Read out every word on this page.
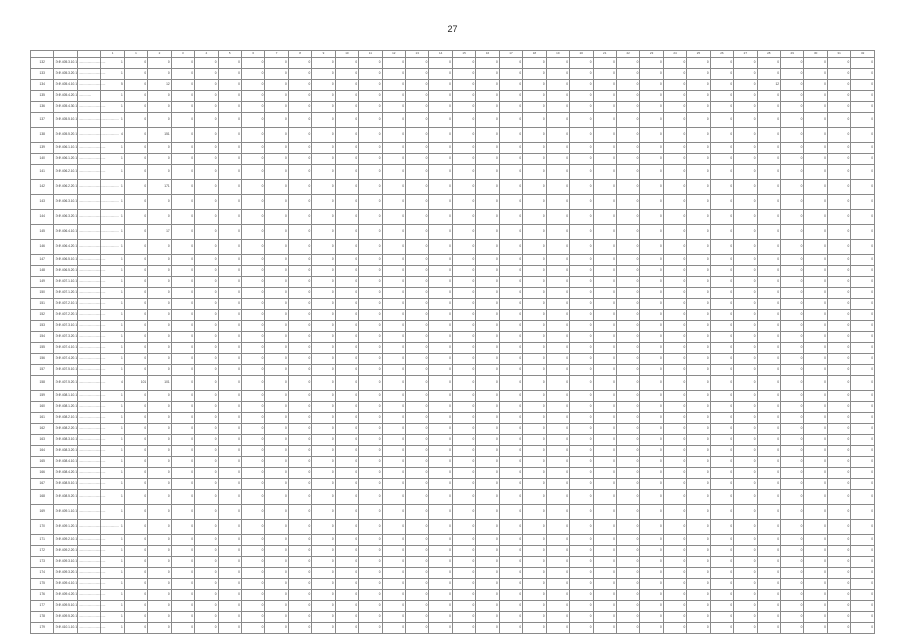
27
			1	1	2	3	4	5	6	7	8	9	10	11	12	13	14	15	16	17	18	19	20	21	22	23	24	25	26	27	28	29	30	31	32
132	Э.Ф.405.3.10.1	..............................	1	0	0	0	0	0	0	0	0	0	0	0	0	0	0	0	0	0	0	0	0	0	0	0	0	0	0	0	0	0	0	0	0
133	Э.Ф.405.3.20.1	..............................	1	0	0	0	0	0	0	0	0	0	0	0	0	0	0	0	0	0	0	0	0	0	0	0	0	0	0	0	0	0	0	0	0
134	Э.Ф.405.4.10.1	..............................	5	0	12	0	0	0	0	0	0	0	0	0	0	0	0	0	0	0	0	0	0	0	0	0	0	0	0	0	12	0	0	0	0
135	Э.Ф.405.4.20.1	..............	1	0	0	0	0	0	0	0	0	0	0	0	0	0	0	0	0	0	0	0	0	0	0	0	0	0	0	0	0	0	0	0	0
136	Э.Ф.405.4.30.1	..............................	1	0	0	0	0	0	0	0	0	0	0	0	0	0	0	0	0	0	0	0	0	0	0	0	0	0	0	0	0	0	0	0	0
137	Э.Ф.405.5.10.1	.............................................	1	0	0	0	0	0	0	0	0	0	0	0	0	0	0	0	0	0	0	0	0	0	0	0	0	0	0	0	0	0	0	0	0
138	Э.Ф.405.5.20.1	.............................................	4	0	151	0	0	0	0	0	0	0	0	0	0	0	0	0	0	0	0	0	0	0	0	0	0	0	0	0	0	0	0	0	0
139	Э.Ф.406.1.10.1	..............................	1	0	0	0	0	0	0	0	0	0	0	0	0	0	0	0	0	0	0	0	0	0	0	0	0	0	0	0	0	0	0	0	0
140	Э.Ф.406.1.20.1	..............................	1	0	0	0	0	0	0	0	0	0	0	0	0	0	0	0	0	0	0	0	0	0	0	0	0	0	0	0	0	0	0	0	0
141	Э.Ф.406.2.10.1	..............................	1	0	0	0	0	0	0	0	0	0	0	0	0	0	0	0	0	0	0	0	0	0	0	0	0	0	0	0	0	0	0	0	0
142	Э.Ф.406.2.20.1	.............................................	1	0	171	0	0	0	0	0	0	0	0	0	0	0	0	0	0	0	0	0	0	0	0	0	0	0	0	0	0	0	0	0	0
143	Э.Ф.406.3.10.1	.............................................	1	0	0	0	0	0	0	0	0	0	0	0	0	0	0	0	0	0	0	0	0	0	0	0	0	0	0	0	0	0	0	0	0
144	Э.Ф.406.3.20.1	.............................................	1	0	0	0	0	0	0	0	0	0	0	0	0	0	0	0	0	0	0	0	0	0	0	0	0	0	0	0	0	0	0	0	0
145	Э.Ф.406.4.10.1	.............................................	1	0	17	0	0	0	0	0	0	0	0	0	0	0	0	0	0	0	0	0	0	0	0	0	0	0	0	0	0	0	0	0	0
146	Э.Ф.406.4.20.1	.............................................	1	0	0	0	0	0	0	0	0	0	0	0	0	0	0	0	0	0	0	0	0	0	0	0	0	0	0	0	0	0	0	0	0
147	Э.Ф.406.5.10.1	..............................	1	0	0	0	0	0	0	0	0	0	0	0	0	0	0	0	0	0	0	0	0	0	0	0	0	0	0	0	0	0	0	0	0
148	Э.Ф.406.5.20.1	..............................	1	0	0	0	0	0	0	0	0	0	0	0	0	0	0	0	0	0	0	0	0	0	0	0	0	0	0	0	0	0	0	0	0
149	Э.Ф.407.1.10.1	..............................	1	0	0	0	0	0	0	0	0	0	0	0	0	0	0	0	0	0	0	0	0	0	0	0	0	0	0	0	0	0	0	0	0
150	Э.Ф.407.1.20.1	..............................	1	0	0	0	0	0	0	0	0	0	0	0	0	0	0	0	0	0	0	0	0	0	0	0	0	0	0	0	0	0	0	0	0
151	Э.Ф.407.2.10.1	..............................	1	0	0	0	0	0	0	0	0	0	0	0	0	0	0	0	0	0	0	0	0	0	0	0	0	0	0	0	0	0	0	0	0
152	Э.Ф.407.2.20.1	..............................	1	0	0	0	0	0	0	0	0	0	0	0	0	0	0	0	0	0	0	0	0	0	0	0	0	0	0	0	0	0	0	0	0
153	Э.Ф.407.3.10.1	..............................	1	0	0	0	0	0	0	0	0	0	0	0	0	0	0	0	0	0	0	0	0	0	0	0	0	0	0	0	0	0	0	0	0
154	Э.Ф.407.3.20.1	..............................	1	0	0	0	0	0	0	0	0	0	0	0	0	0	0	0	0	0	0	0	0	0	0	0	0	0	0	0	0	0	0	0	0
155	Э.Ф.407.4.10.1	..............................	1	0	0	0	0	0	0	0	0	0	0	0	0	0	0	0	0	0	0	0	0	0	0	0	0	0	0	0	0	0	0	0	0
156	Э.Ф.407.4.20.1	..............................	1	0	0	0	0	0	0	0	0	0	0	0	0	0	0	0	0	0	0	0	0	0	0	0	0	0	0	0	0	0	0	0	0
157	Э.Ф.407.5.10.1	..............................	1	0	0	0	0	0	0	0	0	0	0	0	0	0	0	0	0	0	0	0	0	0	0	0	0	0	0	0	0	0	0	0	0
158	Э.Ф.407.5.20.1	..............................	4	101	101	0	0	0	0	0	0	0	0	0	0	0	0	0	0	0	0	0	0	0	0	0	0	0	0	0	0	0	0	0	0
159	Э.Ф.408.1.10.1	..............................	1	0	0	0	0	0	0	0	0	0	0	0	0	0	0	0	0	0	0	0	0	0	0	0	0	0	0	0	0	0	0	0	0
160	Э.Ф.408.1.20.1	..............................	1	0	0	0	0	0	0	0	0	0	0	0	0	0	0	0	0	0	0	0	0	0	0	0	0	0	0	0	0	0	0	0	0
161	Э.Ф.408.2.10.1	..............................	1	0	0	0	0	0	0	0	0	0	0	0	0	0	0	0	0	0	0	0	0	0	0	0	0	0	0	0	0	0	0	0	0
162	Э.Ф.408.2.20.1	..............................	1	0	0	0	0	0	0	0	0	0	0	0	0	0	0	0	0	0	0	0	0	0	0	0	0	0	0	0	0	0	0	0	0
163	Э.Ф.408.3.10.1	..............................	1	0	0	0	0	0	0	0	0	0	0	0	0	0	0	0	0	0	0	0	0	0	0	0	0	0	0	0	0	0	0	0	0
164	Э.Ф.408.3.20.1	..............................	1	0	0	0	0	0	0	0	0	0	0	0	0	0	0	0	0	0	0	0	0	0	0	0	0	0	0	0	0	0	0	0	0
165	Э.Ф.408.4.10.1	..............................	1	0	0	0	0	0	0	0	0	0	0	0	0	0	0	0	0	0	0	0	0	0	0	0	0	0	0	0	0	0	0	0	0
166	Э.Ф.408.4.20.1	..............................	1	0	0	0	0	0	0	0	0	0	0	0	0	0	0	0	0	0	0	0	0	0	0	0	0	0	0	0	0	0	0	0	0
167	Э.Ф.408.5.10.1	..............................	1	0	0	0	0	0	0	0	0	0	0	0	0	0	0	0	0	0	0	0	0	0	0	0	0	0	0	0	0	0	0	0	0
168	Э.Ф.408.5.20.1	..............................	1	0	0	0	0	0	0	0	0	0	0	0	0	0	0	0	0	0	0	0	0	0	0	0	0	0	0	0	0	0	0	0	0
169	Э.Ф.409.1.10.1	..............................	1	0	0	0	0	0	0	0	0	0	0	0	0	0	0	0	0	0	0	0	0	0	0	0	0	0	0	0	0	0	0	0	0
170	Э.Ф.409.1.20.1	.............................................	1	0	0	0	0	0	0	0	0	0	0	0	0	0	0	0	0	0	0	0	0	0	0	0	0	0	0	0	0	0	0	0	0
171	Э.Ф.409.2.10.1	..............................	1	0	0	0	0	0	0	0	0	0	0	0	0	0	0	0	0	0	0	0	0	0	0	0	0	0	0	0	0	0	0	0	0
172	Э.Ф.409.2.20.1	..............................	1	0	0	0	0	0	0	0	0	0	0	0	0	0	0	0	0	0	0	0	0	0	0	0	0	0	0	0	0	0	0	0	0
173	Э.Ф.409.3.10.1	..............................	1	0	0	0	0	0	0	0	0	0	0	0	0	0	0	0	0	0	0	0	0	0	0	0	0	0	0	0	0	0	0	0	0
174	Э.Ф.409.3.20.1	..............................	1	0	0	0	0	0	0	0	0	0	0	0	0	0	0	0	0	0	0	0	0	0	0	0	0	0	0	0	0	0	0	0	0
175	Э.Ф.409.4.10.1	..............................	1	0	0	0	0	0	0	0	0	0	0	0	0	0	0	0	0	0	0	0	0	0	0	0	0	0	0	0	0	0	0	0	0
176	Э.Ф.409.4.20.1	..............................	1	0	0	0	0	0	0	0	0	0	0	0	0	0	0	0	0	0	0	0	0	0	0	0	0	0	0	0	0	0	0	0	0
177	Э.Ф.409.5.10.1	..............................	1	0	0	0	0	0	0	0	0	0	0	0	0	0	0	0	0	0	0	0	0	0	0	0	0	0	0	0	0	0	0	0	0
178	Э.Ф.409.5.20.1	..............................	1	0	0	0	0	0	0	0	0	0	0	0	0	0	0	0	0	0	0	0	0	0	0	0	0	0	0	0	0	0	0	0	0
179	Э.Ф.410.1.10.1	..............................	1	0	0	0	0	0	0	0	0	0	0	0	0	0	0	0	0	0	0	0	0	0	0	0	0	0	0	0	0	0	0	0	0
